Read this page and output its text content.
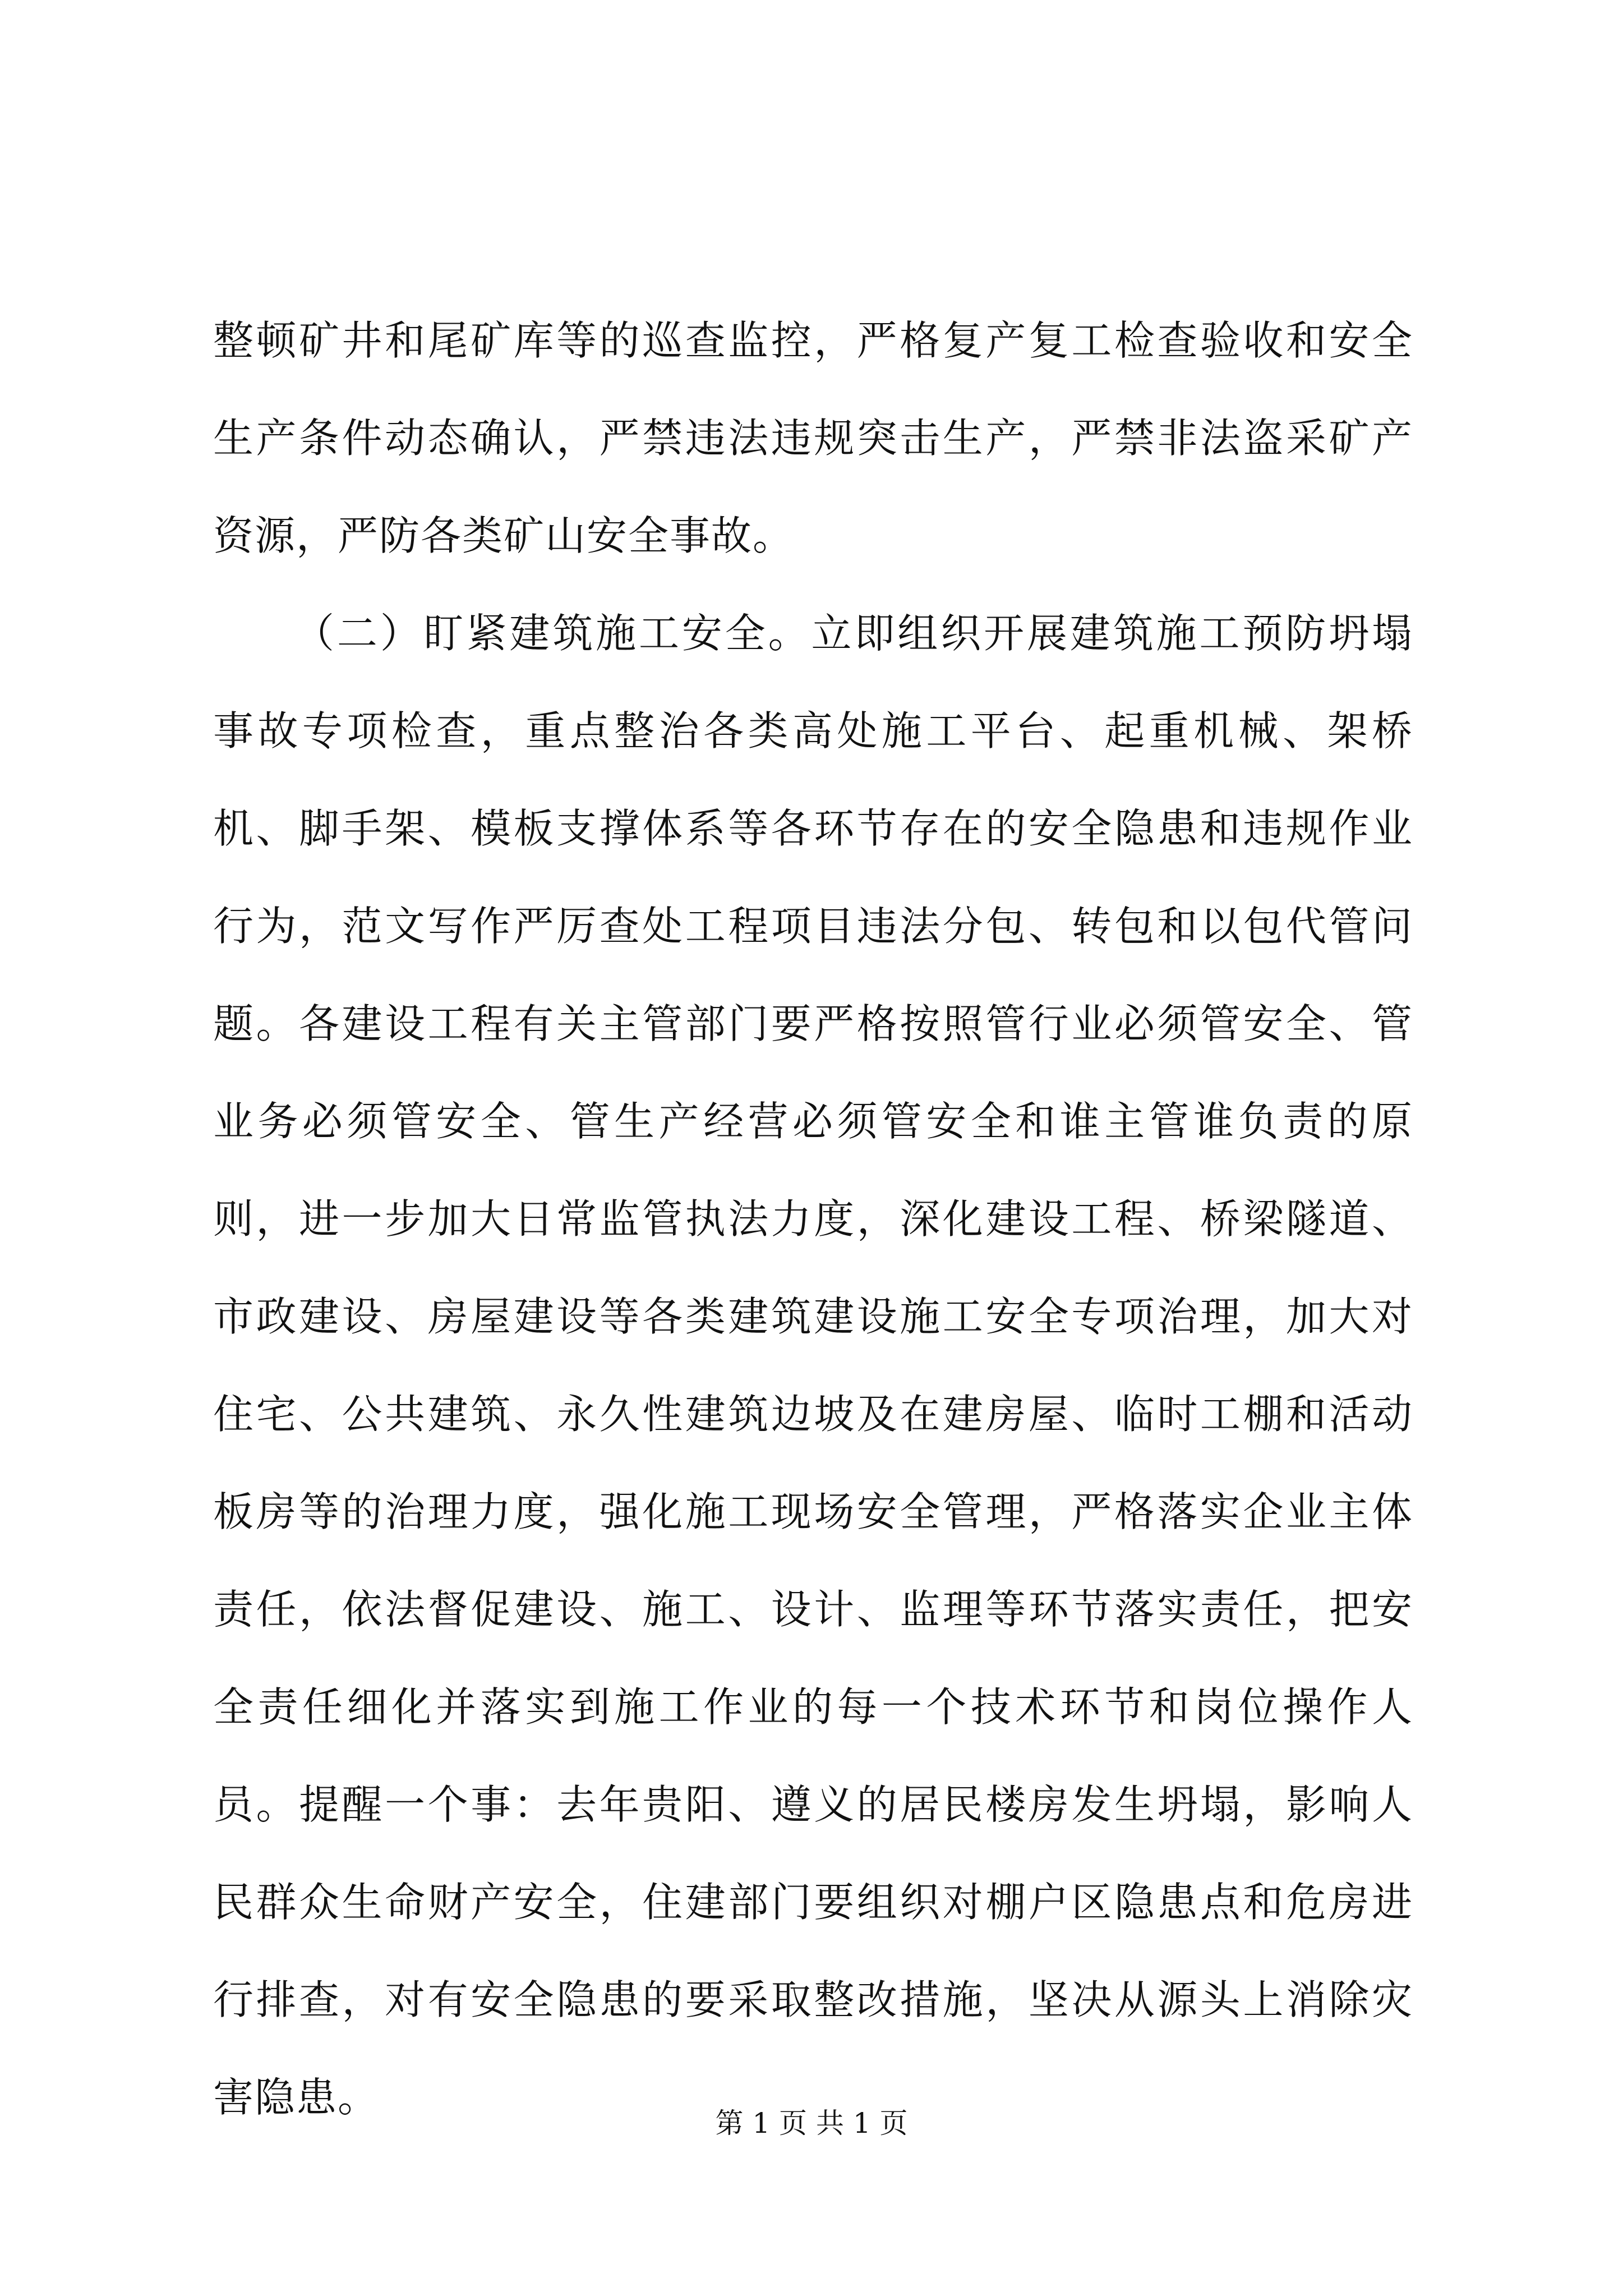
整顿矿井和尾矿库等的巡查监控，严格复产复工检查验收和安全生产条件动态确认，严禁违法违规突击生产，严禁非法盗采矿产资源，严防各类矿山安全事故。

（二）盯紧建筑施工安全。立即组织开展建筑施工预防坍塌事故专项检查，重点整治各类高处施工平台、起重机械、架桥机、脚手架、模板支撑体系等各环节存在的安全隐患和违规作业行为，范文写作严厉查处工程项目违法分包、转包和以包代管问题。各建设工程有关主管部门要严格按照管行业必须管安全、管业务必须管安全、管生产经营必须管安全和谁主管谁负责的原则，进一步加大日常监管执法力度，深化建设工程、桥梁隧道、市政建设、房屋建设等各类建筑建设施工安全专项治理，加大对住宅、公共建筑、永久性建筑边坡及在建房屋、临时工棚和活动板房等的治理力度，强化施工现场安全管理，严格落实企业主体责任，依法督促建设、施工、设计、监理等环节落实责任，把安全责任细化并落实到施工作业的每一个技术环节和岗位操作人员。提醒一个事：去年贵阳、遵义的居民楼房发生坍塌，影响人民群众生命财产安全，住建部门要组织对棚户区隐患点和危房进行排查，对有安全隐患的要采取整改措施，坚决从源头上消除灾害隐患。

第 1 页 共 1 页
